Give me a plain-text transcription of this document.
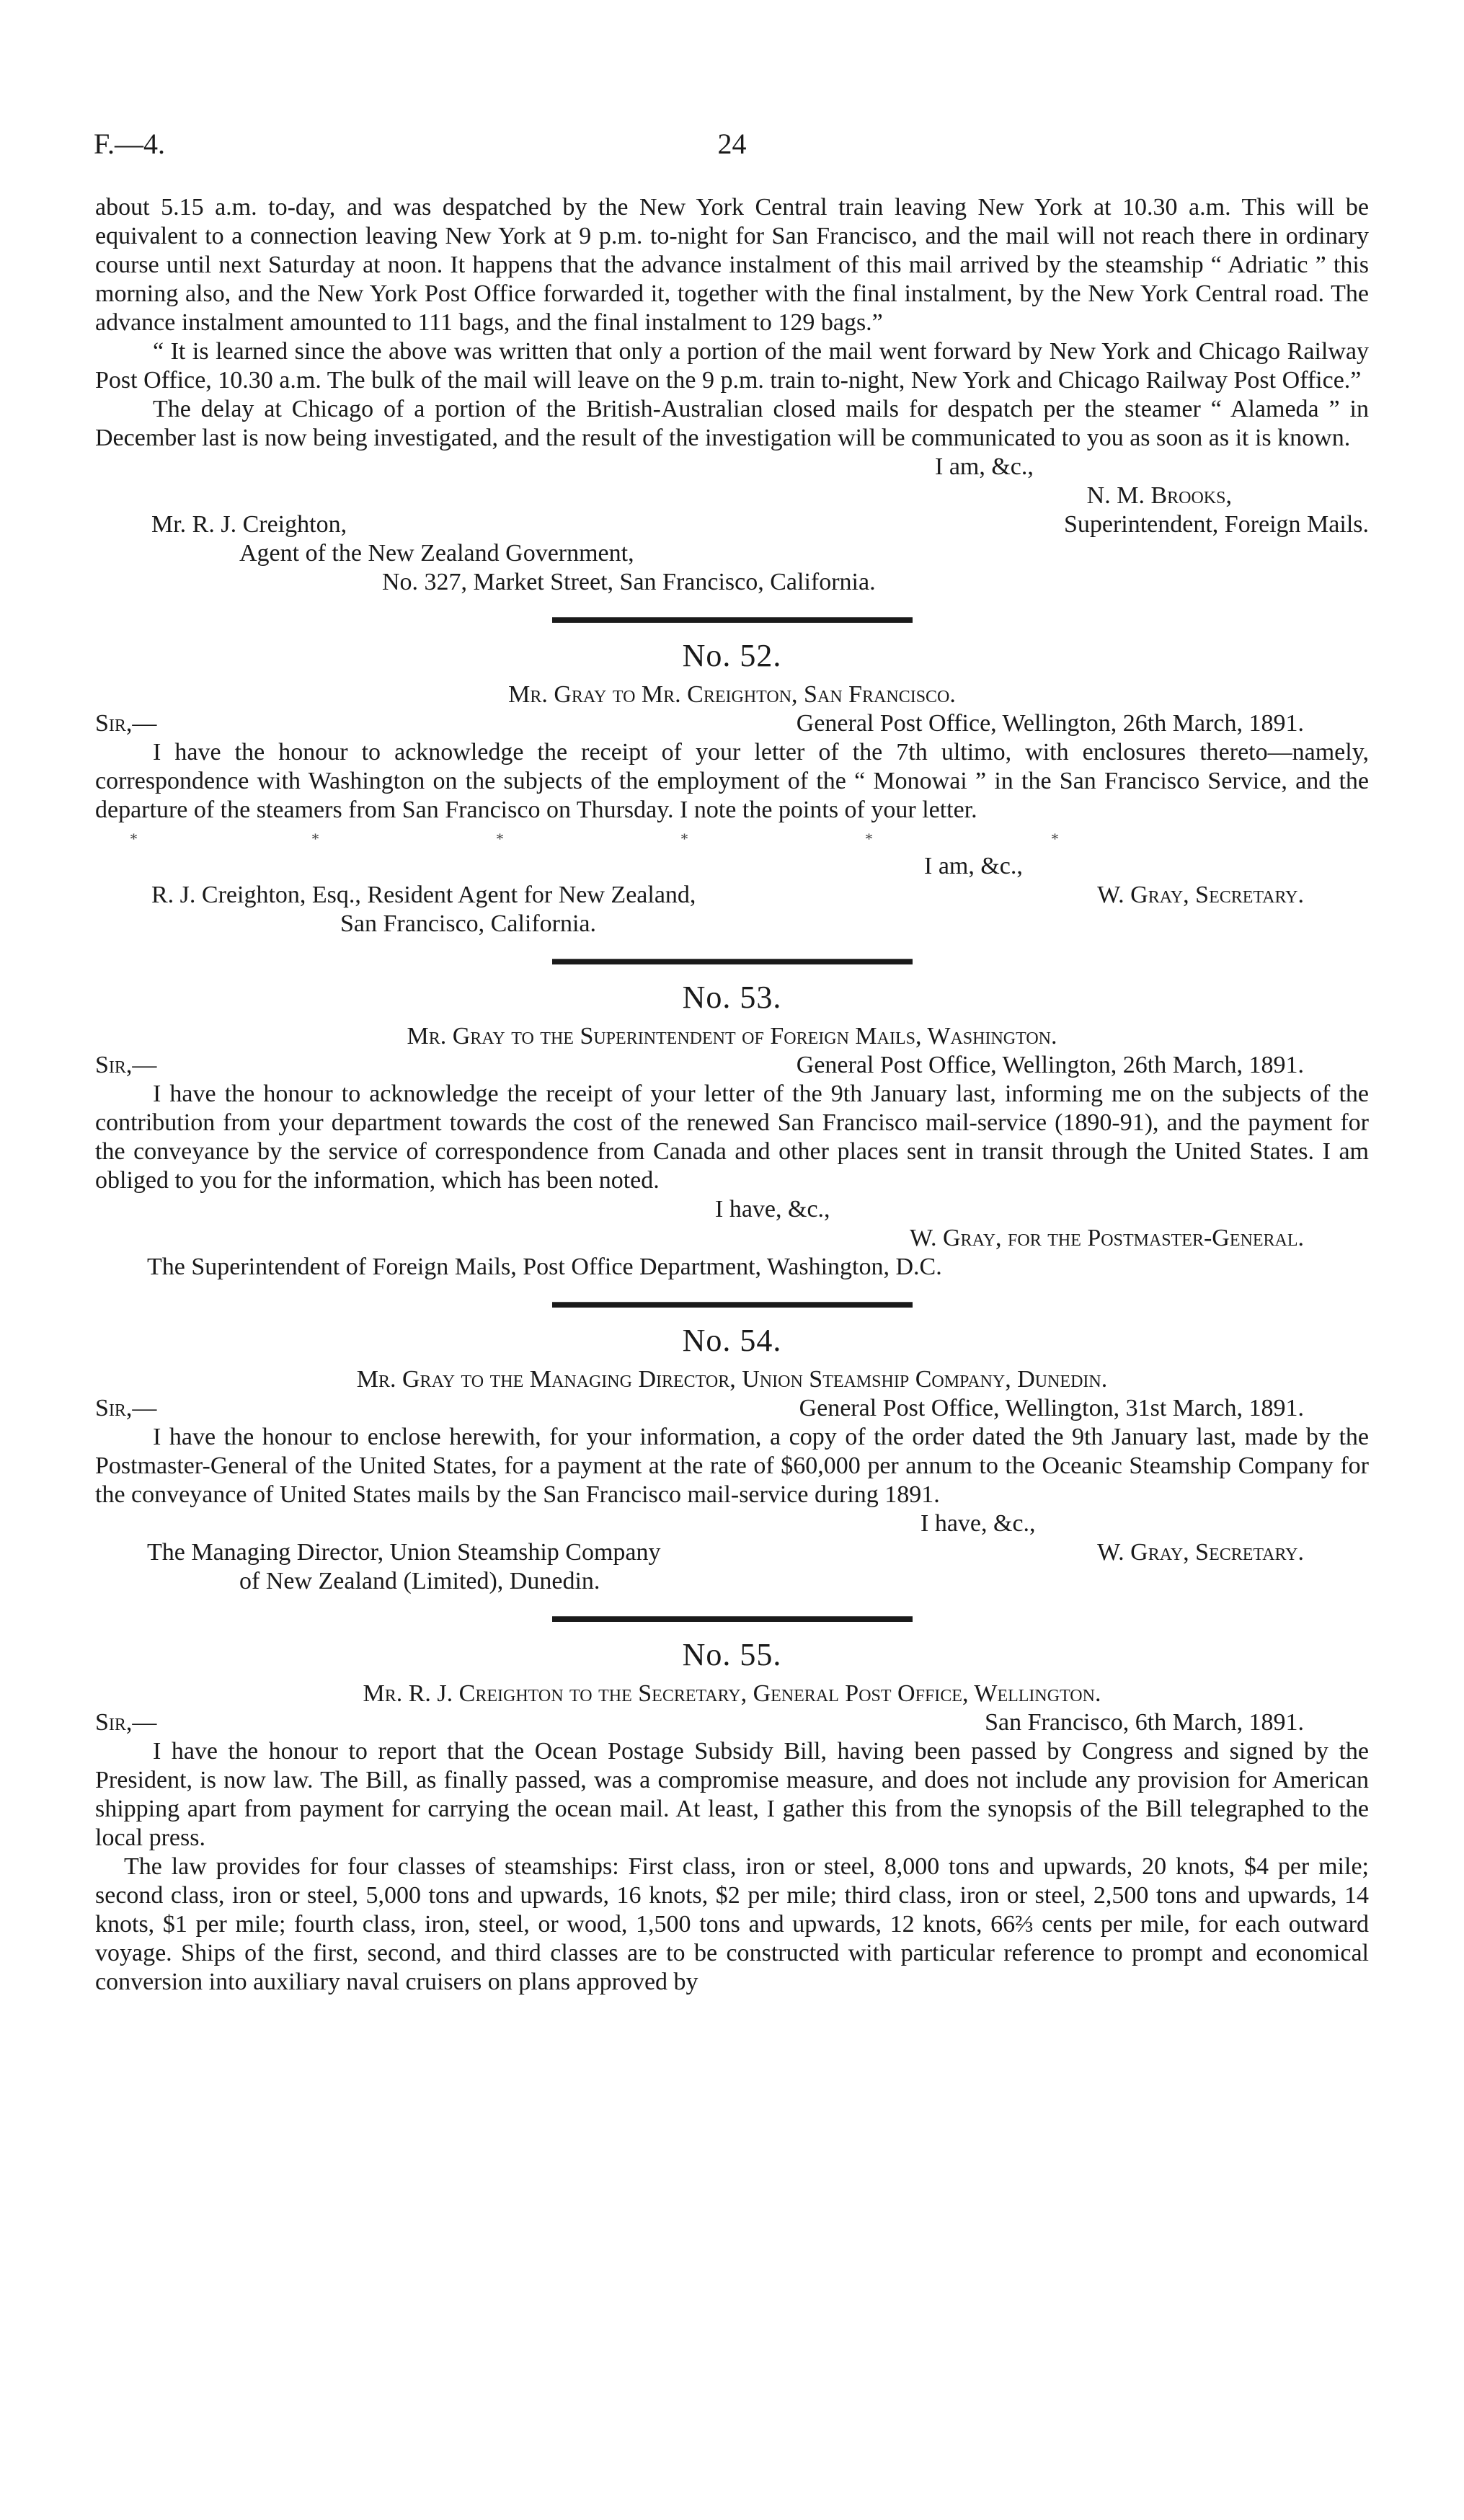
F.—4.	24

about 5.15 a.m. to-day, and was despatched by the New York Central train leaving New York at 10.30 a.m. This will be equivalent to a connection leaving New York at 9 p.m. to-night for San Francisco, and the mail will not reach there in ordinary course until next Saturday at noon. It happens that the advance instalment of this mail arrived by the steamship “ Adriatic ” this morning also, and the New York Post Office forwarded it, together with the final instalment, by the New York Central road. The advance instalment amounted to 111 bags, and the final instalment to 129 bags.”

“ It is learned since the above was written that only a portion of the mail went forward by New York and Chicago Railway Post Office, 10.30 a.m. The bulk of the mail will leave on the 9 p.m. train to-night, New York and Chicago Railway Post Office.”

The delay at Chicago of a portion of the British-Australian closed mails for despatch per the steamer “ Alameda ” in December last is now being investigated, and the result of the investigation will be communicated to you as soon as it is known.

I am, &c.,
N. M. Brooks,
Mr. R. J. Creighton,	Superintendent, Foreign Mails.
Agent of the New Zealand Government,
No. 327, Market Street, San Francisco, California.
No. 52.
Mr. Gray to Mr. Creighton, San Francisco.
Sir,—	General Post Office, Wellington, 26th March, 1891.

I have the honour to acknowledge the receipt of your letter of the 7th ultimo, with enclosures thereto—namely, correspondence with Washington on the subjects of the employment of the “ Monowai ” in the San Francisco Service, and the departure of the steamers from San Francisco on Thursday. I note the points of your letter.

*	*	*	*	*	*
I am, &c.,
R. J. Creighton, Esq., Resident Agent for New Zealand,	W. Gray, Secretary.
San Francisco, California.
No. 53.
Mr. Gray to the Superintendent of Foreign Mails, Washington.
Sir,—	General Post Office, Wellington, 26th March, 1891.

I have the honour to acknowledge the receipt of your letter of the 9th January last, informing me on the subjects of the contribution from your department towards the cost of the renewed San Francisco mail-service (1890-91), and the payment for the conveyance by the service of correspondence from Canada and other places sent in transit through the United States. I am obliged to you for the information, which has been noted.

I have, &c.,
W. Gray, for the Postmaster-General.
The Superintendent of Foreign Mails, Post Office Department, Washington, D.C.
No. 54.
Mr. Gray to the Managing Director, Union Steamship Company, Dunedin.
Sir,—	General Post Office, Wellington, 31st March, 1891.

I have the honour to enclose herewith, for your information, a copy of the order dated the 9th January last, made by the Postmaster-General of the United States, for a payment at the rate of $60,000 per annum to the Oceanic Steamship Company for the conveyance of United States mails by the San Francisco mail-service during 1891.

I have, &c.,
The Managing Director, Union Steamship Company	W. Gray, Secretary.
of New Zealand (Limited), Dunedin.
No. 55.
Mr. R. J. Creighton to the Secretary, General Post Office, Wellington.
Sir,—	San Francisco, 6th March, 1891.

I have the honour to report that the Ocean Postage Subsidy Bill, having been passed by Congress and signed by the President, is now law. The Bill, as finally passed, was a compromise measure, and does not include any provision for American shipping apart from payment for carrying the ocean mail. At least, I gather this from the synopsis of the Bill telegraphed to the local press.

The law provides for four classes of steamships: First class, iron or steel, 8,000 tons and upwards, 20 knots, $4 per mile; second class, iron or steel, 5,000 tons and upwards, 16 knots, $2 per mile; third class, iron or steel, 2,500 tons and upwards, 14 knots, $1 per mile; fourth class, iron, steel, or wood, 1,500 tons and upwards, 12 knots, 66⅔ cents per mile, for each outward voyage. Ships of the first, second, and third classes are to be constructed with particular reference to prompt and economical conversion into auxiliary naval cruisers on plans approved by
